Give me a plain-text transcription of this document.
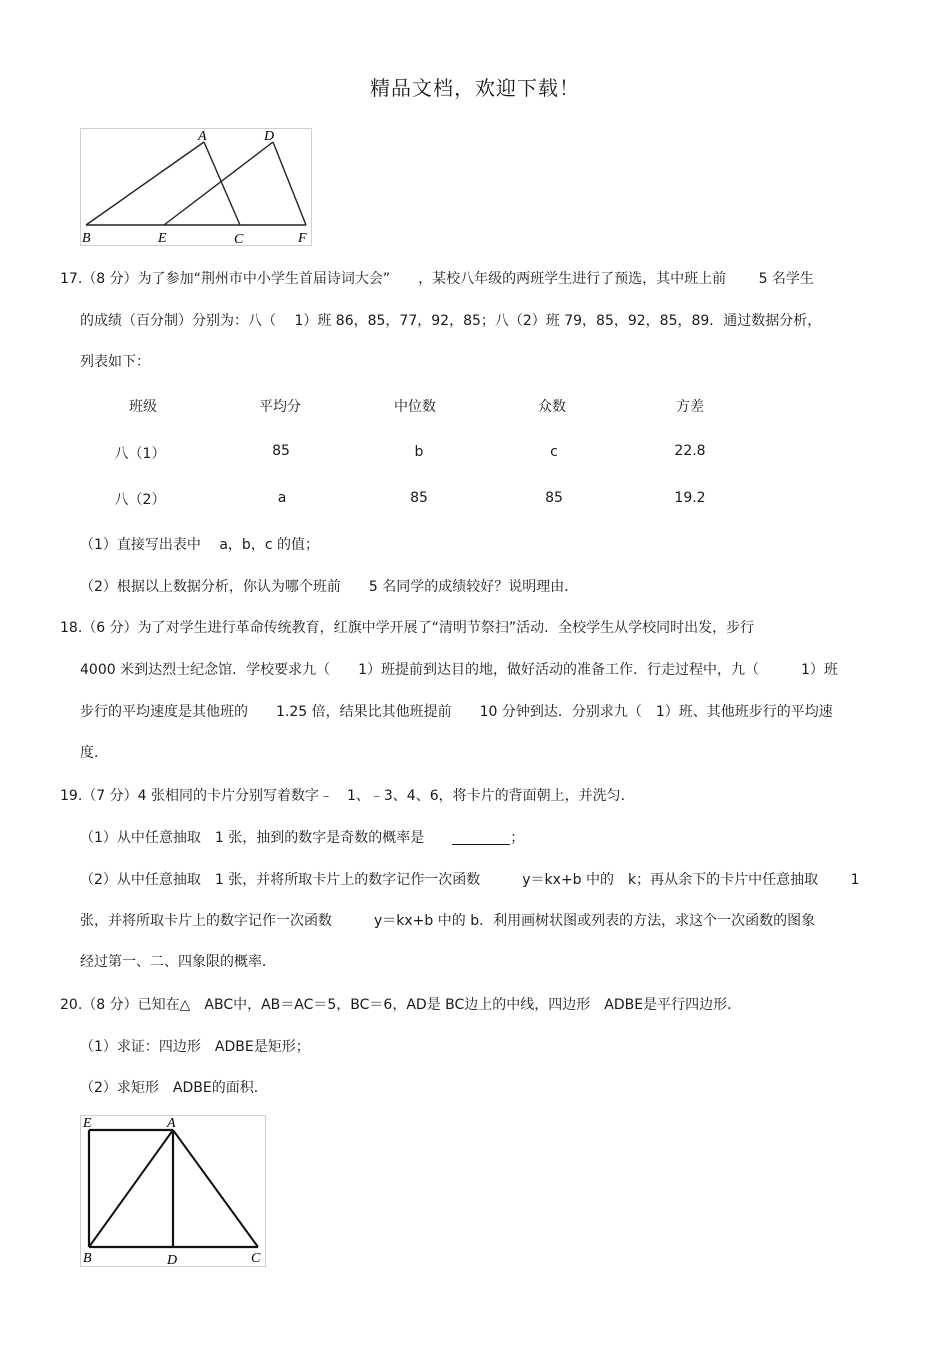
精品文档，欢迎下载！
A	D
B	E	C	F
17.（8 分）为了参加“荆州市中小学生首届诗词大会”　　，某校八年级的两班学生进行了预选，其中班上前　　 5 名学生
的成绩（百分制）分别为：八（　 1）班 86，85，77，92，85；八（2）班 79，85，92，85，89．通过数据分析，
列表如下：
班级	平均分	中位数	众数	方差
八（1）	85	b	c	22.8
八（2）	a	85	85	19.2
（1）直接写出表中　 a，b，c 的值；
（2）根据以上数据分析，你认为哪个班前　　5 名同学的成绩较好？说明理由．
18.（6 分）为了对学生进行革命传统教育，红旗中学开展了“清明节祭扫”活动．全校学生从学校同时出发，步行
4000 米到达烈士纪念馆．学校要求九（　　1）班提前到达目的地，做好活动的准备工作．行走过程中，九（　　　1）班
步行的平均速度是其他班的　　1.25 倍，结果比其他班提前　　10 分钟到达．分别求九（　1）班、其他班步行的平均速
度．
19.（7 分）4 张相同的卡片分别写着数字﹣　1、﹣3、4、6，将卡片的背面朝上，并洗匀．
（1）从中任意抽取　1 张，抽到的数字是奇数的概率是　　	；
（2）从中任意抽取　1 张，并将所取卡片上的数字记作一次函数　　　y＝kx+b 中的　k；再从余下的卡片中任意抽取　　 1
张，并将所取卡片上的数字记作一次函数　　　y＝kx+b 中的 b．利用画树状图或列表的方法，求这个一次函数的图象
经过第一、二、四象限的概率．
20.（8 分）已知在△　ABC中，AB＝AC＝5，BC＝6，AD是 BC边上的中线，四边形　ADBE是平行四边形．
（1）求证：四边形　ADBE是矩形；
（2）求矩形　ADBE的面积．
E	A
B	D	C
